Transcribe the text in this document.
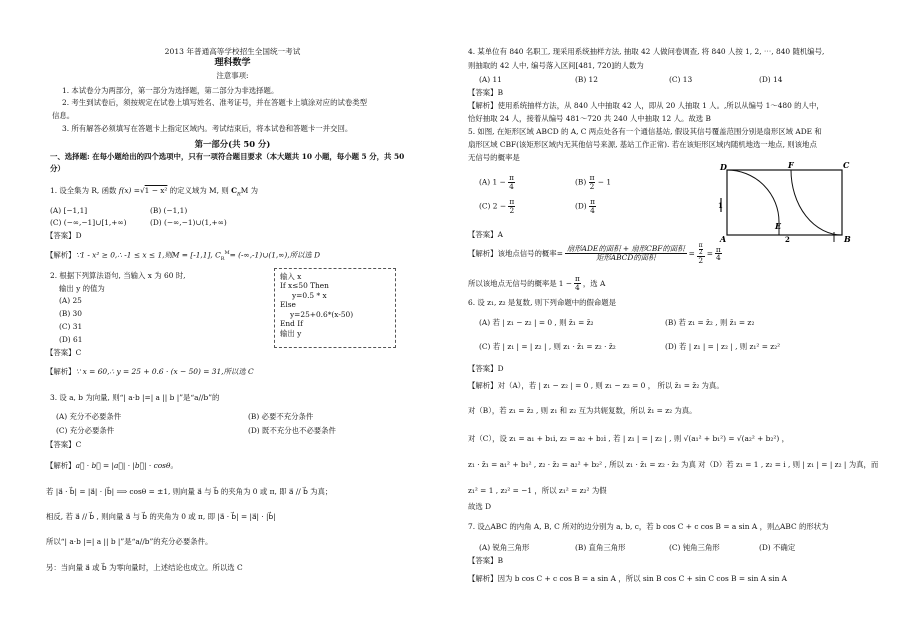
2013 年普通高等学校招生全国统一考试
理科数学
注意事项:
1. 本试卷分为两部分，第一部分为选择题，第二部分为非选择题。
2. 考生到试卷后，须按规定在试卷上填写姓名、准考证号，并在答题卡上填涂对应的试卷类型
信息。
3. 所有解答必须填写在答题卡上指定区域内。考试结束后，将本试卷和答题卡一并交回。
第一部分(共 50 分)
一、选择题: 在每小题给出的四个选项中，只有一项符合题目要求（本大题共 10 小题，每小题 5 分，共 50
分）
1. 设全集为 R, 函数 f(x) =√1 − x² 的定义域为 M, 则 $C_RM$ 为
(A) [−1,1]	(B) (−1,1)
(C) (−∞,−1]∪[1,+∞)	(D) (−∞,−1)∪(1,+∞)
【答案】D
【解析】∵1 - x² ≥ 0,∴ -1 ≤ x ≤ 1,则M = [-1,1], $C_R^M=$ (-∞,-1)∪(1,∞),所以选 D
2. 根据下列算法语句, 当输入 x 为 60 时,
输出 y 的值为
(A) 25
(B) 30
(C) 31
(D) 61
【答案】C
输入 x
If x≤50 Then
y=0.5 * x
Else
y=25+0.6*(x-50)
End If
输出 y
【解析】∵ x = 60,∴ y = 25 + 0.6 · (x − 50) = 31,所以选 C
3. 设 a, b 为向量, 则“| a·b |=| a || b |”是“a//b”的
(A) 充分不必要条件	(B) 必要不充分条件
(C) 充分必要条件	(D) 既不充分也不必要条件
【答案】C
【解析】a⃗ · b⃗ = |a⃗| · |b⃗| · cosθ。
若 |a⃗ · b⃗| = |a⃗| · |b⃗| ⟹ cosθ = ±1, 则向量 a⃗ 与 b⃗ 的夹角为 0 或 π, 即 a⃗ // b⃗ 为真；
相反, 若 a⃗ // b⃗ , 则向量 a⃗ 与 b⃗ 的夹角为 0 或 π, 即 |a⃗ · b⃗| = |a⃗| · |b⃗|
所以“| a·b |=| a || b |”是“a//b”的充分必要条件。
另：当向量 a⃗ 或 b⃗ 为零向量时，上述结论也成立。所以选 C
4. 某单位有 840 名职工, 现采用系统抽样方法, 抽取 42 人做问卷调查, 将 840 人按 1, 2, ⋯, 840 随机编号,
则抽取的 42 人中, 编号落入区间[481, 720]的人数为
(A) 11	(B) 12	(C) 13	(D) 14
【答案】B
【解析】使用系统抽样方法，从 840 人中抽取 42 人，即从 20 人抽取 1 人。,所以从编号 1～480 的人中，
恰好抽取 24 人，接着从编号 481～720 共 240 人中抽取 12 人。故选 B
5. 如图, 在矩形区域 ABCD 的 A, C 两点处各有一个通信基站, 假设其信号覆盖范围分别是扇形区域 ADE 和
扇形区域 CBF(该矩形区域内无其他信号来源, 基站工作正常). 若在该矩形区域内随机地选一地点, 则该地点
无信号的概率是
(A) $1 - \frac{\pi}{4}$	$(B) \frac{\pi}{2} - 1$
(C) $2 - \frac{\pi}{2}$	$(D) \frac{\pi}{4}$
D	F	C
1
A
E
2	B
【答案】A
【解析】该地点信号的概率=
扇形ADE的面积 + 扇形CBF的面积
矩形ABCD的面积	= $\frac{\frac{\pi}{2}}{2} = \frac{\pi}{4}$
所以该地点无信号的概率是 $1 - \frac{\pi}{4}$ ，选 A
6. 设 z₁, z₂ 是复数, 则下列命题中的假命题是
(A) 若 | z₁ − z₂ | = 0 , 则 z̄₁ = z̄₂	(B) 若 z₁ = z̄₂ , 则 z̄₁ = z₂
(C) 若 | z₁ | = | z₂ | , 则 z₁ · z̄₁ = z₂ · z̄₂	(D) 若 | z₁ | = | z₂ | , 则 z₁² = z₂²
【答案】D
【解析】对（A），若 | z₁ − z₂ | = 0 , 则 z₁ − z₂ = 0 ， 所以 z̄₁ = z̄₂ 为真。
对（B），若 z₁ = z̄₂ , 则 z₁ 和 z₂ 互为共轭复数，所以 z̄₁ = z₂ 为真。
对（C），设 z₁ = a₁ + b₁i, z₂ = a₂ + b₂i , 若 | z₁ | = | z₂ | , 则 √(a₁² + b₁²) = √(a₂² + b₂²) ，
z₁ · z̄₁ = a₁² + b₁² , z₂ · z̄₂ = a₂² + b₂² , 所以 z₁ · z̄₁ = z₂ · z̄₂ 为真 对（D）若 z₁ = 1 , z₂ = i , 则 | z₁ | = | z₂ | 为真，而
z₁² = 1 , z₂² = −1 ，所以 z₁² = z₂² 为假
故选 D
7. 设△ABC 的内角 A, B, C 所对的边分别为 a, b, c，若 b cos C + c cos B = a sin A ，则△ABC 的形状为
(A) 锐角三角形	(B) 直角三角形	(C) 钝角三角形	(D) 不确定
【答案】B
【解析】因为 b cos C + c cos B = a sin A ，所以 sin B cos C + sin C cos B = sin A sin A
